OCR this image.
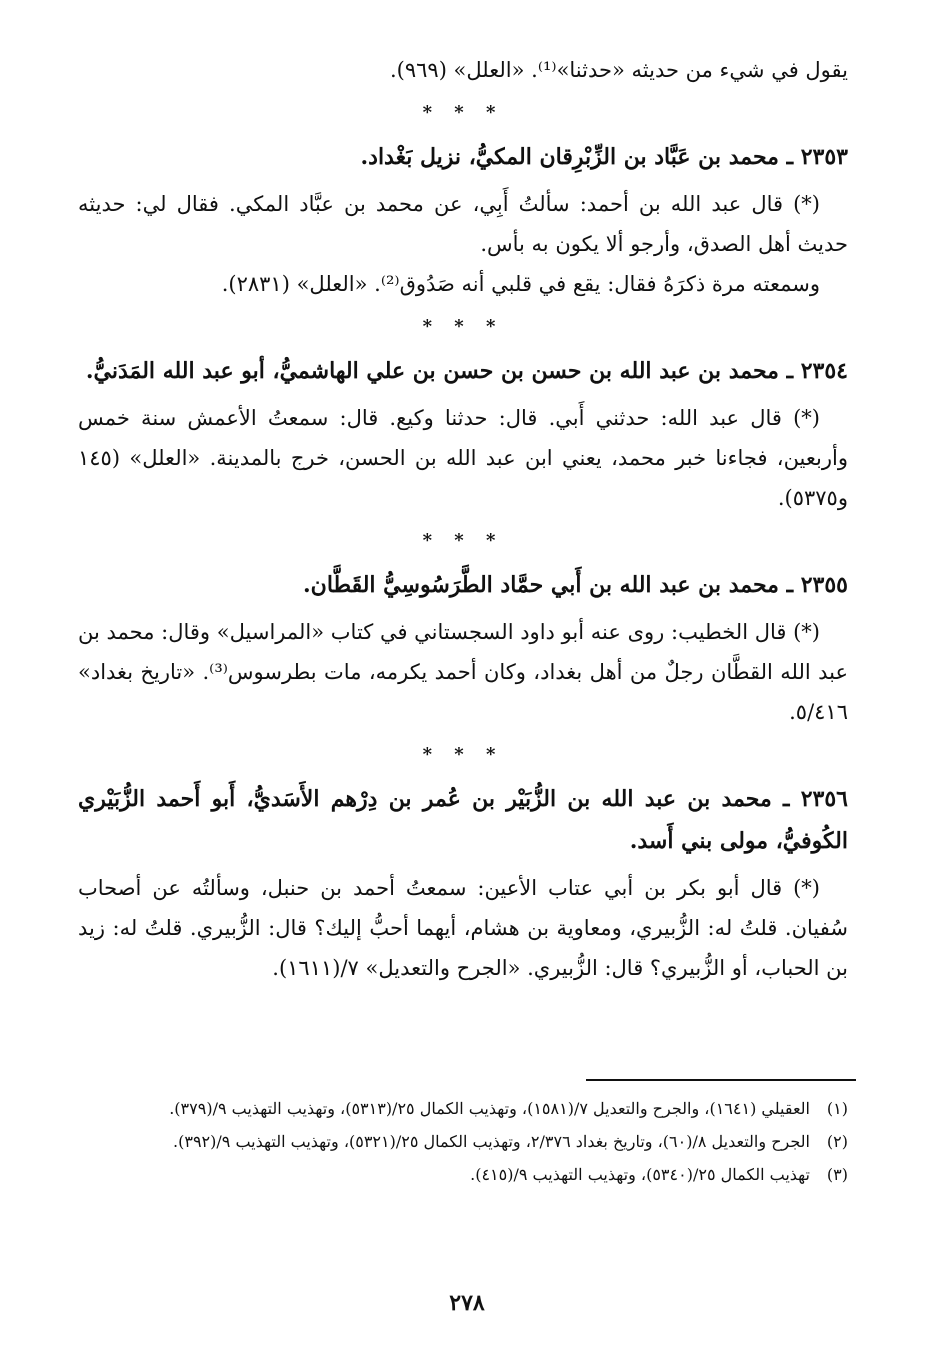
يقول في شيء من حديثه «حدثنا»⁽¹⁾. «العلل» (٩٦٩).

* * *

٢٣٥٣ ـ محمد بن عَبَّاد بن الزِّبْرِقان المكيُّ، نزيل بَغْداد.

(*) قال عبد الله بن أحمد: سألتُ أَبِي، عن محمد بن عبَّاد المكي. فقال لي: حديثه حديث أهل الصدق، وأرجو ألا يكون به بأس.

وسمعته مرة ذكرَهُ فقال: يقع في قلبي أنه صَدُوق⁽²⁾. «العلل» (٢٨٣١).

* * *

٢٣٥٤ ـ محمد بن عبد الله بن حسن بن حسن بن علي الهاشميُّ، أبو عبد الله المَدَنيُّ.

(*) قال عبد الله: حدثني أَبي. قال: حدثنا وكيع. قال: سمعتُ الأعمش سنة خمس وأربعين، فجاءنا خبر محمد، يعني ابن عبد الله بن الحسن، خرج بالمدينة. «العلل» (١٤٥ و٥٣٧٥).

* * *

٢٣٥٥ ـ محمد بن عبد الله بن أَبي حمَّاد الطَّرَسُوسِيُّ القَطَّان.

(*) قال الخطيب: روى عنه أبو داود السجستاني في كتاب «المراسيل» وقال: محمد بن عبد الله القطَّان رجلٌ من أهل بغداد، وكان أحمد يكرمه، مات بطرسوس⁽³⁾. «تاريخ بغداد» ٥/٤١٦.

* * *

٢٣٥٦ ـ محمد بن عبد الله بن الزُّبَيْر بن عُمر بن دِرْهم الأَسَديُّ، أَبو أَحمد الزُّبَيْري الكُوفيُّ، مولى بني أَسد.

(*) قال أبو بكر بن أبي عتاب الأعين: سمعتُ أحمد بن حنبل، وسألتُه عن أصحاب سُفيان. قلتُ له: الزُّبيري، ومعاوية بن هشام، أيهما أحبُّ إليك؟ قال: الزُّبيري. قلتُ له: زيد بن الحباب، أو الزُّبيري؟ قال: الزُّبيري. «الجرح والتعديل» ٧/(١٦١١).

(١)
العقيلي (١٦٤١)، والجرح والتعديل ٧/(١٥٨١)، وتهذيب الكمال ٢٥/(٥٣١٣)، وتهذيب التهذيب ٩/(٣٧٩).
(٢)
الجرح والتعديل ٨/(٦٠)، وتاريخ بغداد ٢/٣٧٦، وتهذيب الكمال ٢٥/(٥٣٢١)، وتهذيب التهذيب ٩/(٣٩٢).
(٣)
تهذيب الكمال ٢٥/(٥٣٤٠)، وتهذيب التهذيب ٩/(٤١٥).
٢٧٨
